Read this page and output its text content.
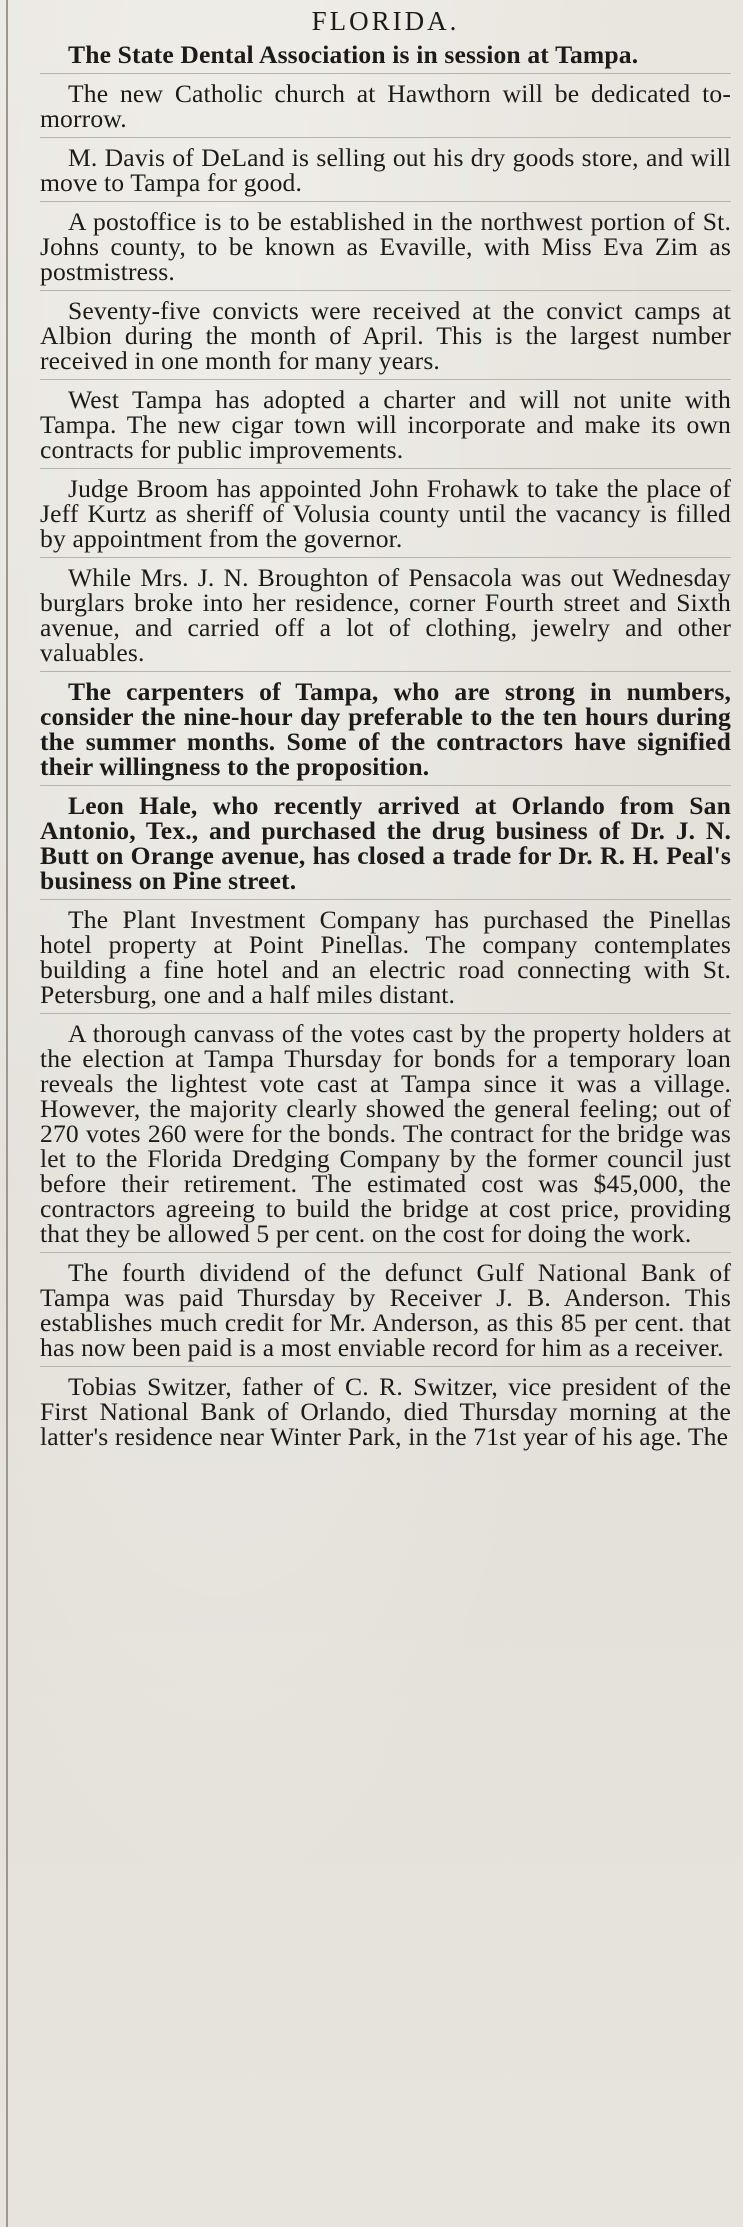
FLORIDA.

The State Dental Association is in session at Tampa.

The new Catholic church at Hawthorn will be dedicated to-morrow.

M. Davis of DeLand is selling out his dry goods store, and will move to Tampa for good.

A postoffice is to be established in the northwest portion of St. Johns county, to be known as Evaville, with Miss Eva Zim as postmistress.

Seventy-five convicts were received at the convict camps at Albion during the month of April. This is the largest number received in one month for many years.

West Tampa has adopted a charter and will not unite with Tampa. The new cigar town will incorporate and make its own contracts for public improvements.

Judge Broom has appointed John Frohawk to take the place of Jeff Kurtz as sheriff of Volusia county until the vacancy is filled by appointment from the governor.

While Mrs. J. N. Broughton of Pensacola was out Wednesday burglars broke into her residence, corner Fourth street and Sixth avenue, and carried off a lot of clothing, jewelry and other valuables.

The carpenters of Tampa, who are strong in numbers, consider the nine-hour day preferable to the ten hours during the summer months. Some of the contractors have signified their willingness to the proposition.

Leon Hale, who recently arrived at Orlando from San Antonio, Tex., and purchased the drug business of Dr. J. N. Butt on Orange avenue, has closed a trade for Dr. R. H. Peal's business on Pine street.

The Plant Investment Company has purchased the Pinellas hotel property at Point Pinellas. The company contemplates building a fine hotel and an electric road connecting with St. Petersburg, one and a half miles distant.

A thorough canvass of the votes cast by the property holders at the election at Tampa Thursday for bonds for a temporary loan reveals the lightest vote cast at Tampa since it was a village. However, the majority clearly showed the general feeling; out of 270 votes 260 were for the bonds. The contract for the bridge was let to the Florida Dredging Company by the former council just before their retirement. The estimated cost was $45,000, the contractors agreeing to build the bridge at cost price, providing that they be allowed 5 per cent. on the cost for doing the work.

The fourth dividend of the defunct Gulf National Bank of Tampa was paid Thursday by Receiver J. B. Anderson. This establishes much credit for Mr. Anderson, as this 85 per cent. that has now been paid is a most enviable record for him as a receiver.

Tobias Switzer, father of C. R. Switzer, vice president of the First National Bank of Orlando, died Thursday morning at the latter's residence near Winter Park, in the 71st year of his age. The
